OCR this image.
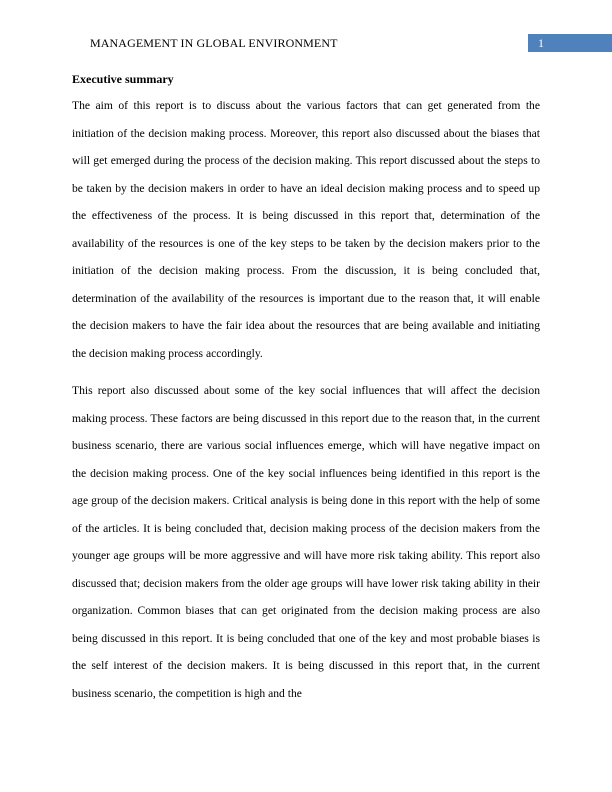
MANAGEMENT IN GLOBAL ENVIRONMENT	1
Executive summary

The aim of this report is to discuss about the various factors that can get generated from the initiation of the decision making process. Moreover, this report also discussed about the biases that will get emerged during the process of the decision making. This report discussed about the steps to be taken by the decision makers in order to have an ideal decision making process and to speed up the effectiveness of the process. It is being discussed in this report that, determination of the availability of the resources is one of the key steps to be taken by the decision makers prior to the initiation of the decision making process. From the discussion, it is being concluded that, determination of the availability of the resources is important due to the reason that, it will enable the decision makers to have the fair idea about the resources that are being available and initiating the decision making process accordingly.

This report also discussed about some of the key social influences that will affect the decision making process. These factors are being discussed in this report due to the reason that, in the current business scenario, there are various social influences emerge, which will have negative impact on the decision making process. One of the key social influences being identified in this report is the age group of the decision makers. Critical analysis is being done in this report with the help of some of the articles. It is being concluded that, decision making process of the decision makers from the younger age groups will be more aggressive and will have more risk taking ability. This report also discussed that; decision makers from the older age groups will have lower risk taking ability in their organization. Common biases that can get originated from the decision making process are also being discussed in this report. It is being concluded that one of the key and most probable biases is the self interest of the decision makers. It is being discussed in this report that, in the current business scenario, the competition is high and the
